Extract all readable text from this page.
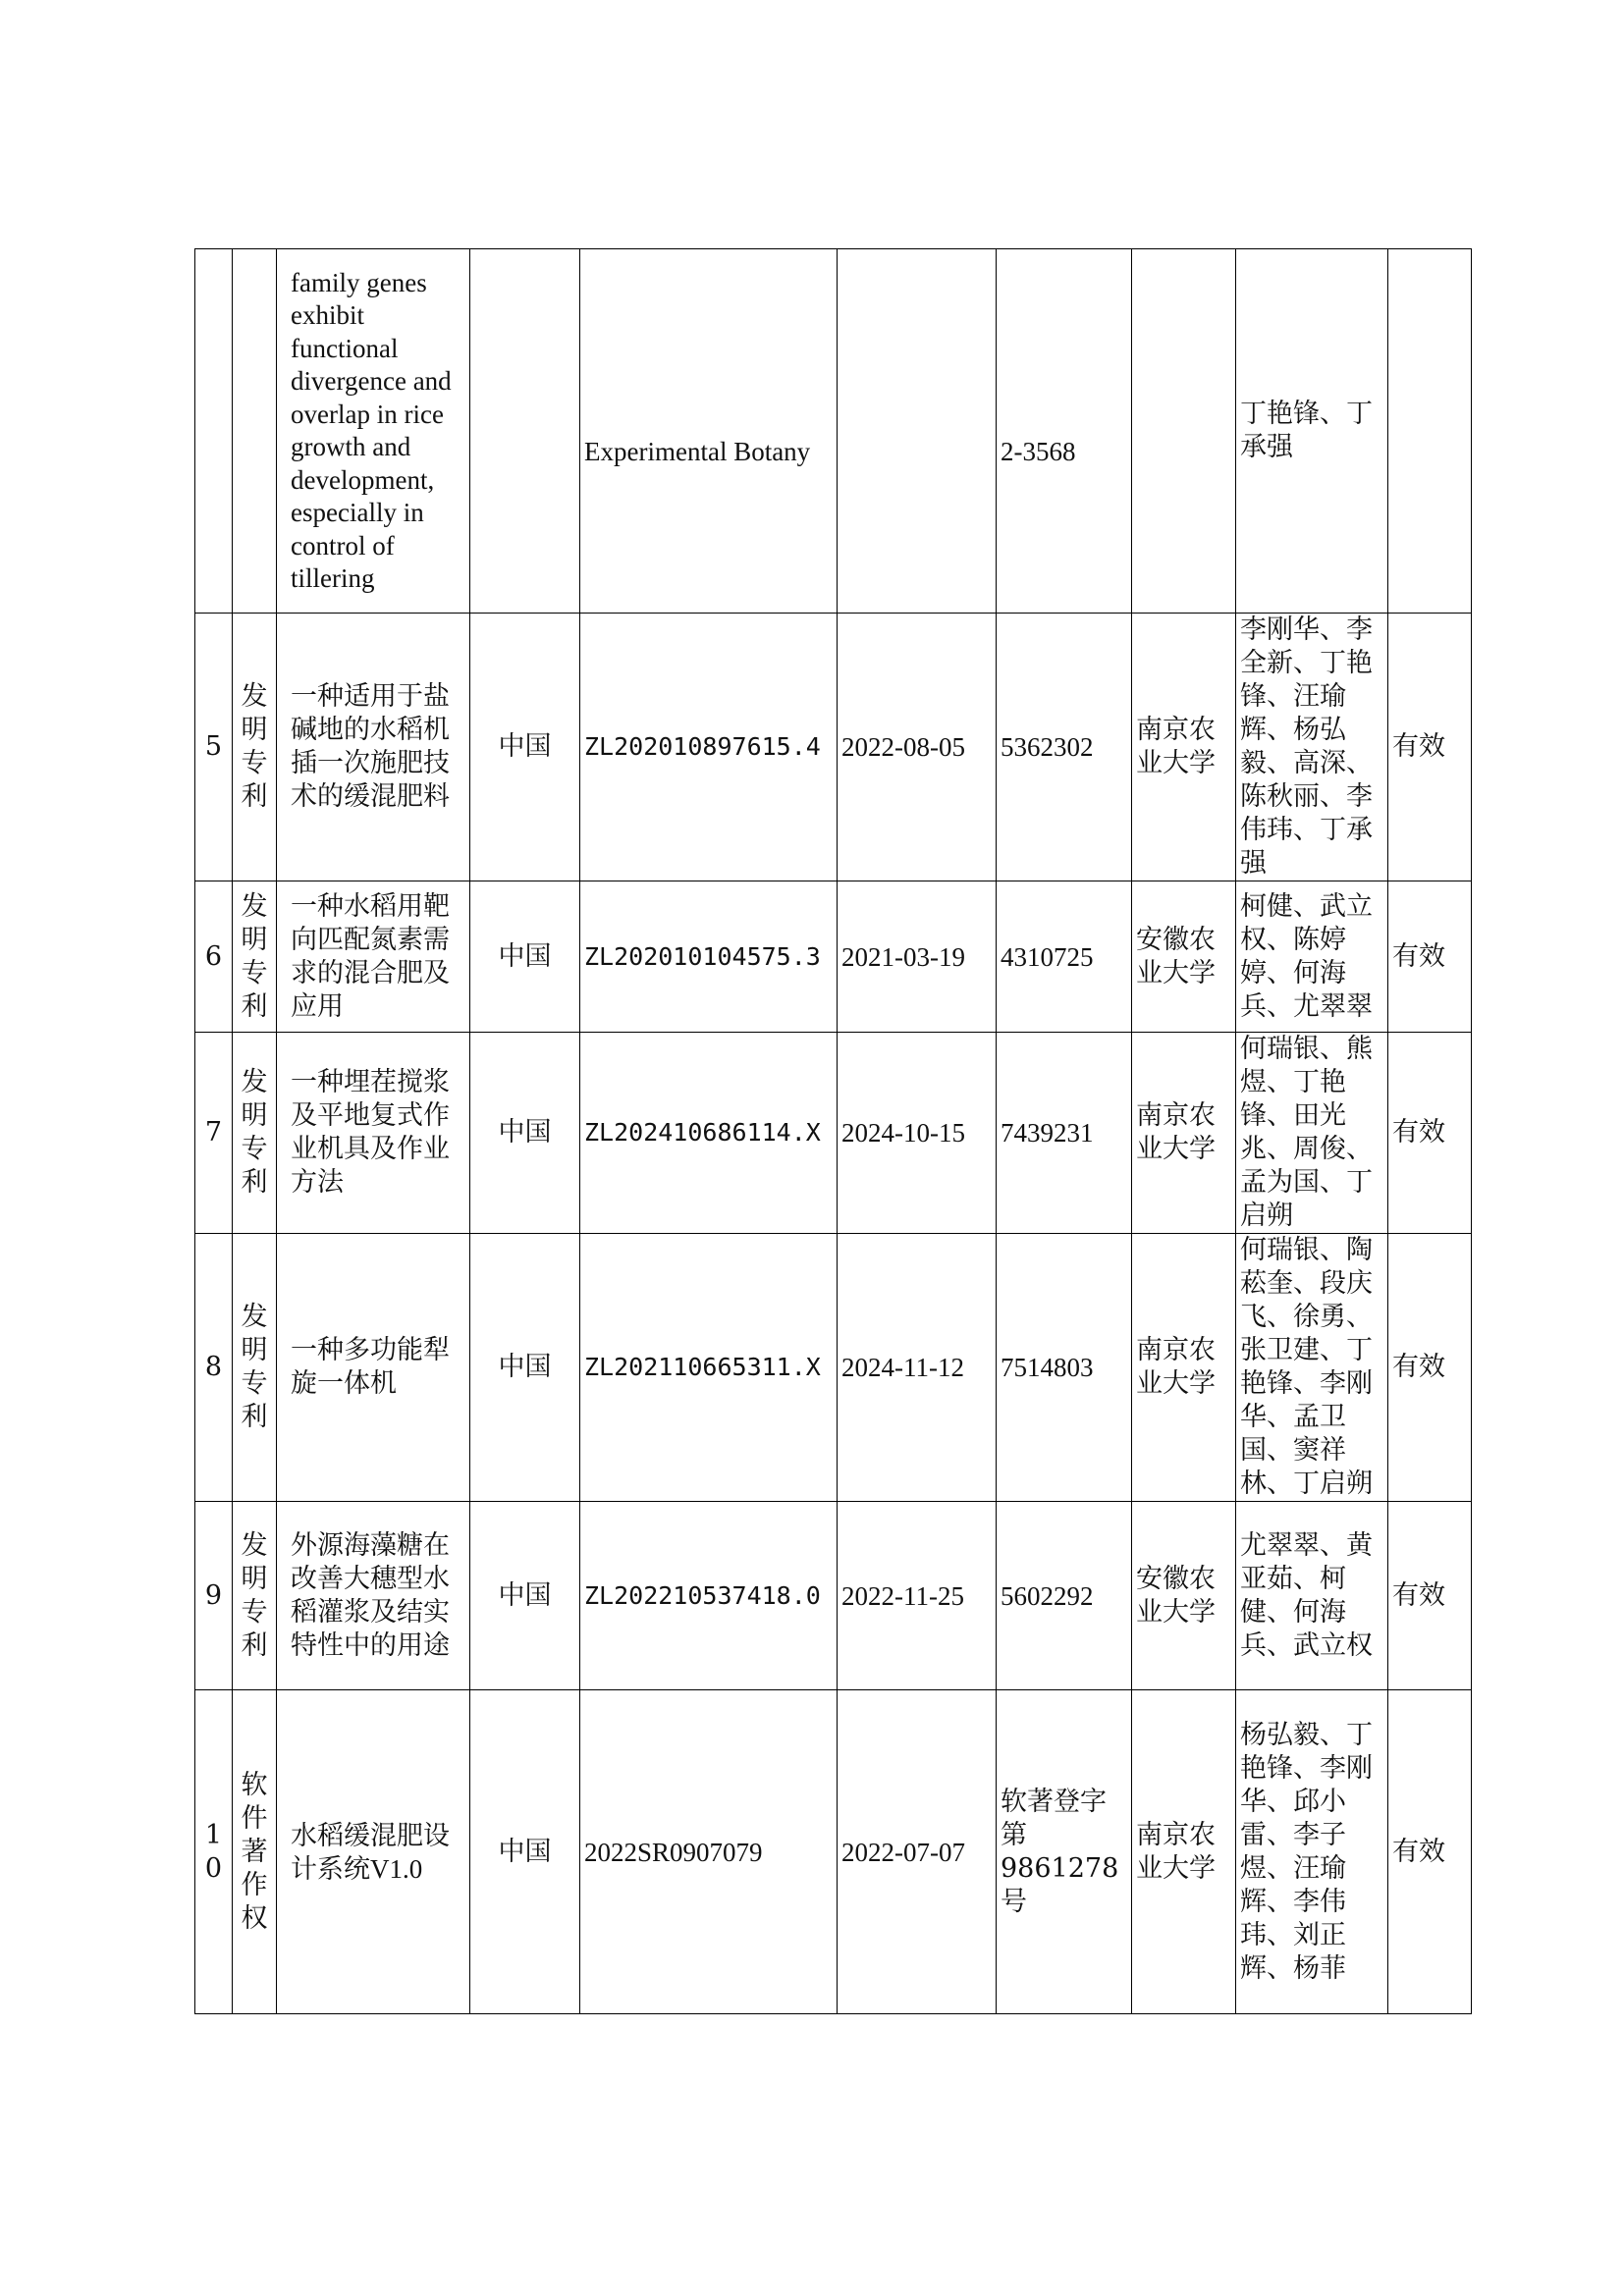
		family genes exhibit functional divergence and overlap in rice growth and development, especially in control of tillering		Experimental Botany		2-3568		丁艳锋、丁承强	
5	发明专利	一种适用于盐碱地的水稻机插一次施肥技术的缓混肥料	中国	ZL202010897615.4	2022-08-05	5362302	南京农业大学	李刚华、李全新、丁艳锋、汪瑜辉、杨弘毅、高深、陈秋丽、李伟玮、丁承强	有效
6	发明专利	一种水稻用靶向匹配氮素需求的混合肥及应用	中国	ZL202010104575.3	2021-03-19	4310725	安徽农业大学	柯健、武立权、陈婷婷、何海兵、尤翠翠	有效
7	发明专利	一种埋茬搅浆及平地复式作业机具及作业方法	中国	ZL202410686114.X	2024-10-15	7439231	南京农业大学	何瑞银、熊煜、丁艳锋、田光兆、周俊、孟为国、丁启朔	有效
8	发明专利	一种多功能犁旋一体机	中国	ZL202110665311.X	2024-11-12	7514803	南京农业大学	何瑞银、陶菘奎、段庆飞、徐勇、张卫建、丁艳锋、李刚华、孟卫国、窦祥林、丁启朔	有效
9	发明专利	外源海藻糖在改善大穗型水稻灌浆及结实特性中的用途	中国	ZL202210537418.0	2022-11-25	5602292	安徽农业大学	尤翠翠、黄亚茹、柯健、何海兵、武立权	有效
10	软件著作权	水稻缓混肥设计系统V1.0	中国	2022SR0907079	2022-07-07	软著登字第9861278号	南京农业大学	杨弘毅、丁艳锋、李刚华、邱小雷、李子煜、汪瑜辉、李伟玮、刘正辉、杨菲	有效
